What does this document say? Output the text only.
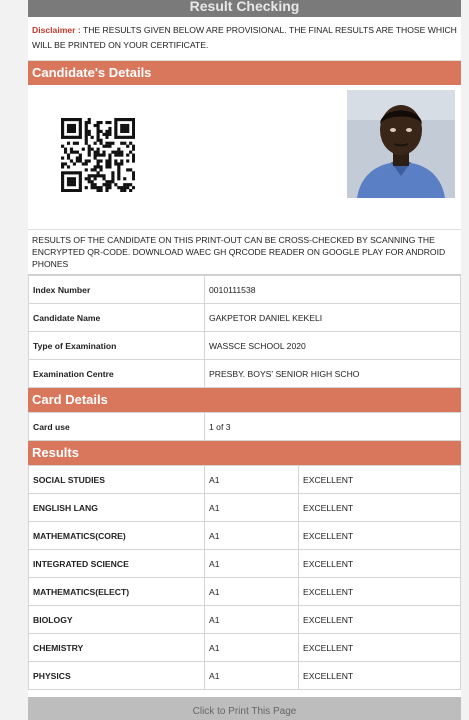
Result Checking
Disclaimer : THE RESULTS GIVEN BELOW ARE PROVISIONAL. THE FINAL RESULTS ARE THOSE WHICH WILL BE PRINTED ON YOUR CERTIFICATE.
Candidate's Details
RESULTS OF THE CANDIDATE ON THIS PRINT-OUT CAN BE CROSS-CHECKED BY SCANNING THE ENCRYPTED QR-CODE. DOWNLOAD WAEC GH QRCODE READER ON GOOGLE PLAY FOR ANDROID PHONES
Index Number	0010111538
Candidate Name	GAKPETOR DANIEL KEKELI
Type of Examination	WASSCE SCHOOL 2020
Examination Centre	PRESBY. BOYS' SENIOR HIGH SCHO
Card Details
Card use	1 of 3
Results
SOCIAL STUDIES	A1	EXCELLENT
ENGLISH LANG	A1	EXCELLENT
MATHEMATICS(CORE)	A1	EXCELLENT
INTEGRATED SCIENCE	A1	EXCELLENT
MATHEMATICS(ELECT)	A1	EXCELLENT
BIOLOGY	A1	EXCELLENT
CHEMISTRY	A1	EXCELLENT
PHYSICS	A1	EXCELLENT
Click to Print This Page
